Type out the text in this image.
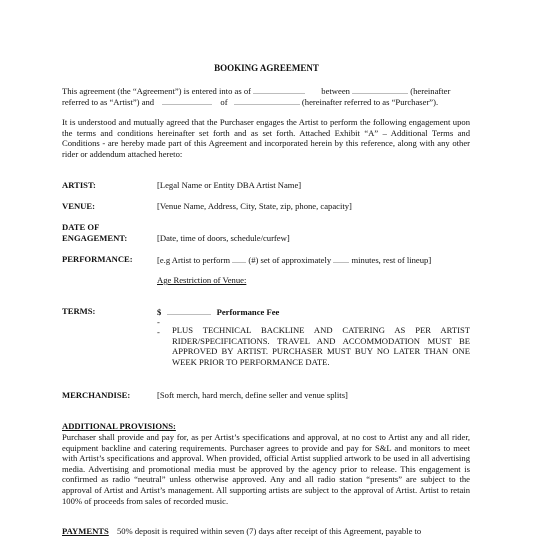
BOOKING AGREEMENT
This agreement (the “Agreement”) is entered into as of	between	(hereinafter
referred to as “Artist”) and	of	(hereinafter referred to as “Purchaser”).
It is understood and mutually agreed that the Purchaser engages the Artist to perform the following engagement upon the terms and conditions hereinafter set forth and as set forth. Attached Exhibit “A” – Additional Terms and Conditions - are hereby made part of this Agreement and incorporated herein by this reference, along with any other rider or addendum attached hereto:
ARTIST:	[Legal Name or Entity DBA Artist Name]
VENUE:	[Venue Name, Address, City, State, zip, phone, capacity]
DATE OF
ENGAGEMENT:	[Date, time of doors, schedule/curfew]
PERFORMANCE:	[e.g Artist to perform (#) set of approximately minutes, rest of lineup]
Age Restriction of Venue:
TERMS:	$	Performance Fee
-
- PLUS TECHNICAL BACKLINE AND CATERING AS PER ARTIST RIDER/SPECIFICATIONS. TRAVEL AND ACCOMMODATION MUST BE APPROVED BY ARTIST. PURCHASER MUST BUY NO LATER THAN ONE WEEK PRIOR TO PERFORMANCE DATE.
MERCHANDISE:	[Soft merch, hard merch, define seller and venue splits]
ADDITIONAL PROVISIONS:
Purchaser shall provide and pay for, as per Artist’s specifications and approval, at no cost to Artist any and all rider, equipment backline and catering requirements. Purchaser agrees to provide and pay for S&L and monitors to meet with Artist’s specifications and approval. When provided, official Artist supplied artwork to be used in all advertising media. Advertising and promotional media must be approved by the agency prior to release. This engagement is confirmed as radio “neutral” unless otherwise approved. Any and all radio station “presents” are subject to the approval of Artist and Artist’s management. All supporting artists are subject to the approval of Artist. Artist to retain 100% of proceeds from sales of recorded music.
PAYMENTS 50% deposit is required within seven (7) days after receipt of this Agreement, payable to
